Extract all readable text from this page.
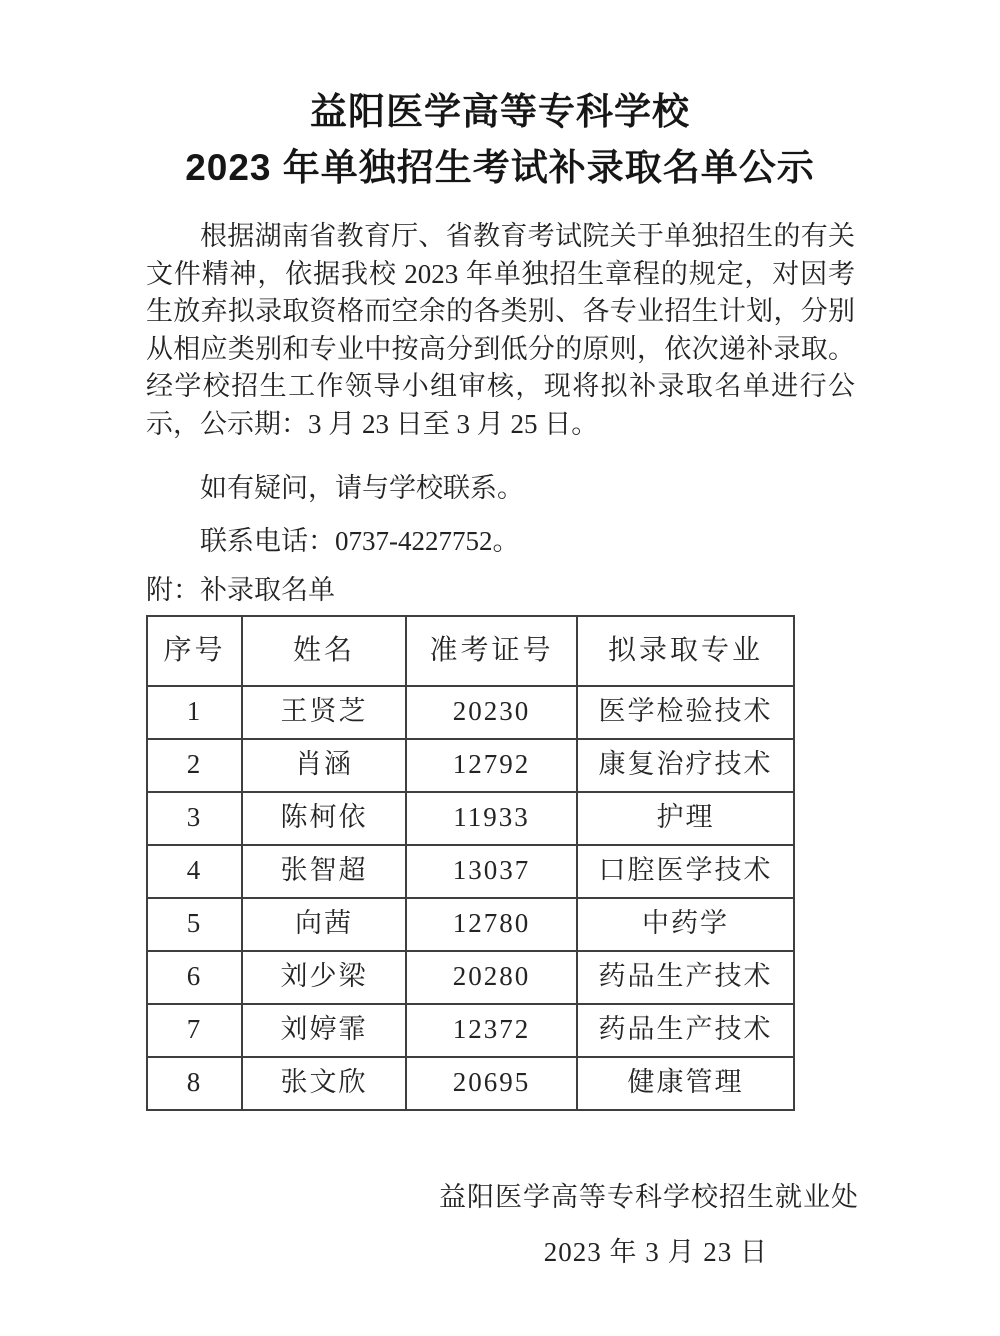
益阳医学高等专科学校
2023 年单独招生考试补录取名单公示

根据湖南省教育厅、省教育考试院关于单独招生的有关文件精神，依据我校 2023 年单独招生章程的规定，对因考生放弃拟录取资格而空余的各类别、各专业招生计划，分别从相应类别和专业中按高分到低分的原则，依次递补录取。经学校招生工作领导小组审核，现将拟补录取名单进行公示，公示期：3 月 23 日至 3 月 25 日。

如有疑问，请与学校联系。

联系电话：0737-4227752。

附：补录取名单

序号	姓名	准考证号	拟录取专业
1	王贤芝	20230	医学检验技术
2	肖涵	12792	康复治疗技术
3	陈柯依	11933	护理
4	张智超	13037	口腔医学技术
5	向茜	12780	中药学
6	刘少梁	20280	药品生产技术
7	刘婷霏	12372	药品生产技术
8	张文欣	20695	健康管理
益阳医学高等专科学校招生就业处
2023 年 3 月 23 日
